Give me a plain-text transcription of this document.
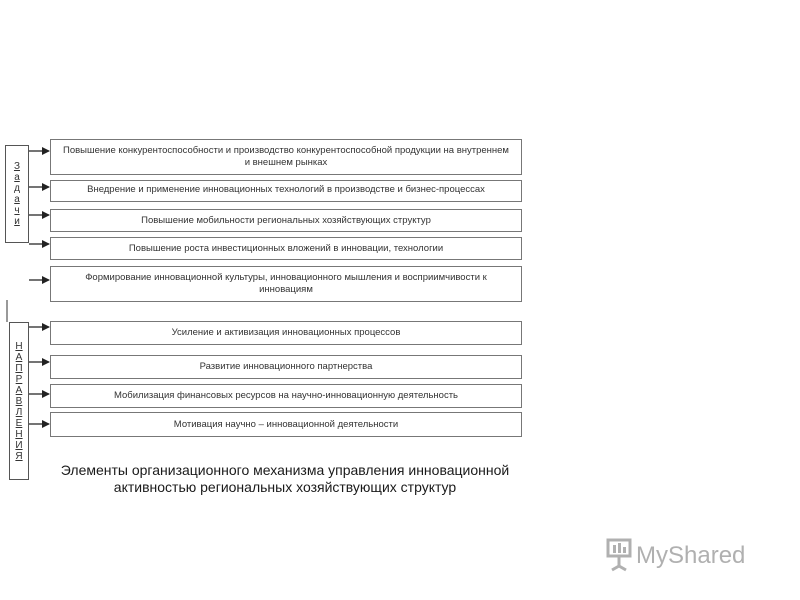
З
а
д
а
ч
и
Н
А
П
Р
А
В
Л
Е
Н
И
Я
Повышение конкурентоспособности и производство конкурентоспособной продукции на внутреннем и внешнем рынках
Внедрение и применение инновационных технологий в производстве и бизнес-процессах
Повышение мобильности региональных хозяйствующих структур
Повышение роста инвестиционных вложений в инновации, технологии
Формирование инновационной культуры, инновационного мышления и восприимчивости к инновациям
Усиление и активизация инновационных процессов
Развитие инновационного партнерства
Мобилизация финансовых ресурсов на научно-инновационную деятельность
Мотивация научно – инновационной деятельности
Элементы организационного механизма управления инновационной активностью региональных хозяйствующих структур
MyShared
